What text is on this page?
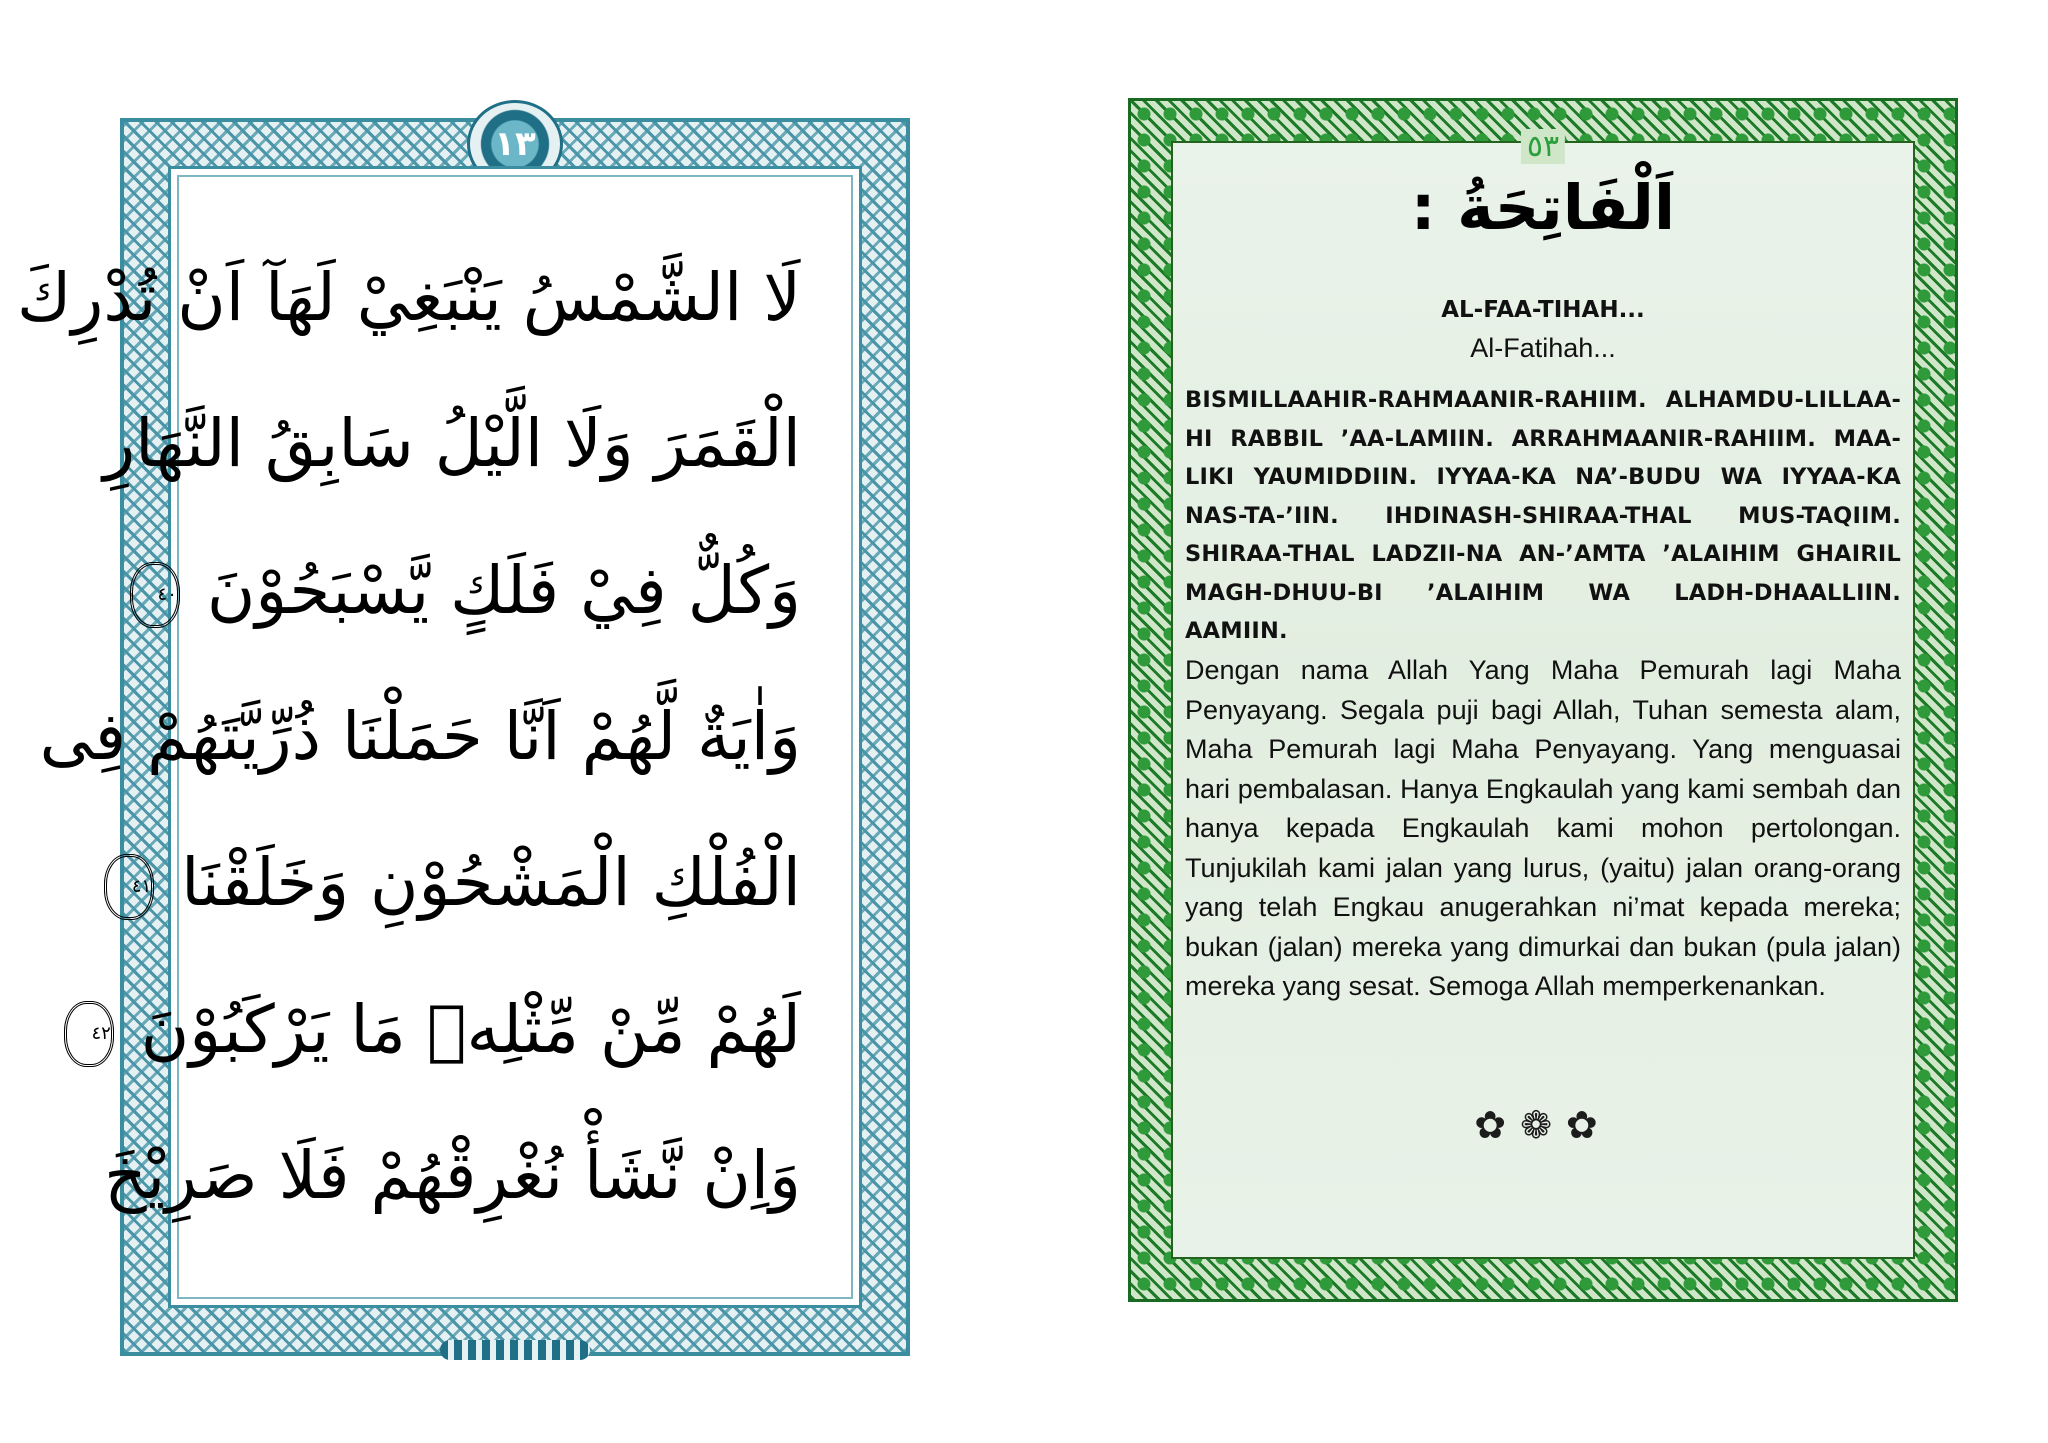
١٣
لَا الشَّمْسُ يَنْبَغِيْ لَهَآ اَنْ تُدْرِكَ
الْقَمَرَ وَلَا الَّيْلُ سَابِقُ النَّهَارِ
وَكُلٌّ فِيْ فَلَكٍ يَّسْبَحُوْنَ ٤٠
وَاٰيَةٌ لَّهُمْ اَنَّا حَمَلْنَا ذُرِّيَّتَهُمْ فِى
الْفُلْكِ الْمَشْحُوْنِ وَخَلَقْنَا ٤١
لَهُمْ مِّنْ مِّثْلِهٖ مَا يَرْكَبُوْنَ ٤٢
وَاِنْ نَّشَأْ نُغْرِقْهُمْ فَلَا صَرِيْخَ
٥٣
اَلْفَاتِحَةُ :
AL-FAA-TIHAH...
Al-Fatihah...

BISMILLAAHIR-RAHMAANIR-RAHIIM. ALHAMDU-LILLAA-HI RABBIL ’AA-LAMIIN. ARRAHMAANIR-RAHIIM. MAA-LIKI YAUMIDDIIN. IYYAA-KA NA’-BUDU WA IYYAA-KA NAS-TA-’IIN. IHDINASH-SHIRAA-THAL MUS-TAQIIM. SHIRAA-THAL LADZII-NA AN-’AMTA ’ALAIHIM GHAIRIL MAGH-DHUU-BI ’ALAIHIM WA LADH-DHAALLIIN. AAMIIN.

Dengan nama Allah Yang Maha Pemurah lagi Maha Penyayang. Segala puji bagi Allah, Tuhan semesta alam, Maha Pemurah lagi Maha Penyayang. Yang menguasai hari pembalasan. Hanya Engkaulah yang kami sembah dan hanya kepada Engkaulah kami mohon pertolongan. Tunjukilah kami jalan yang lurus, (yaitu) jalan orang-orang yang telah Engkau anugerahkan ni’mat kepada mereka; bukan (jalan) mereka yang dimurkai dan bukan (pula jalan) mereka yang sesat. Semoga Allah memperkenankan.

✿❁✿
